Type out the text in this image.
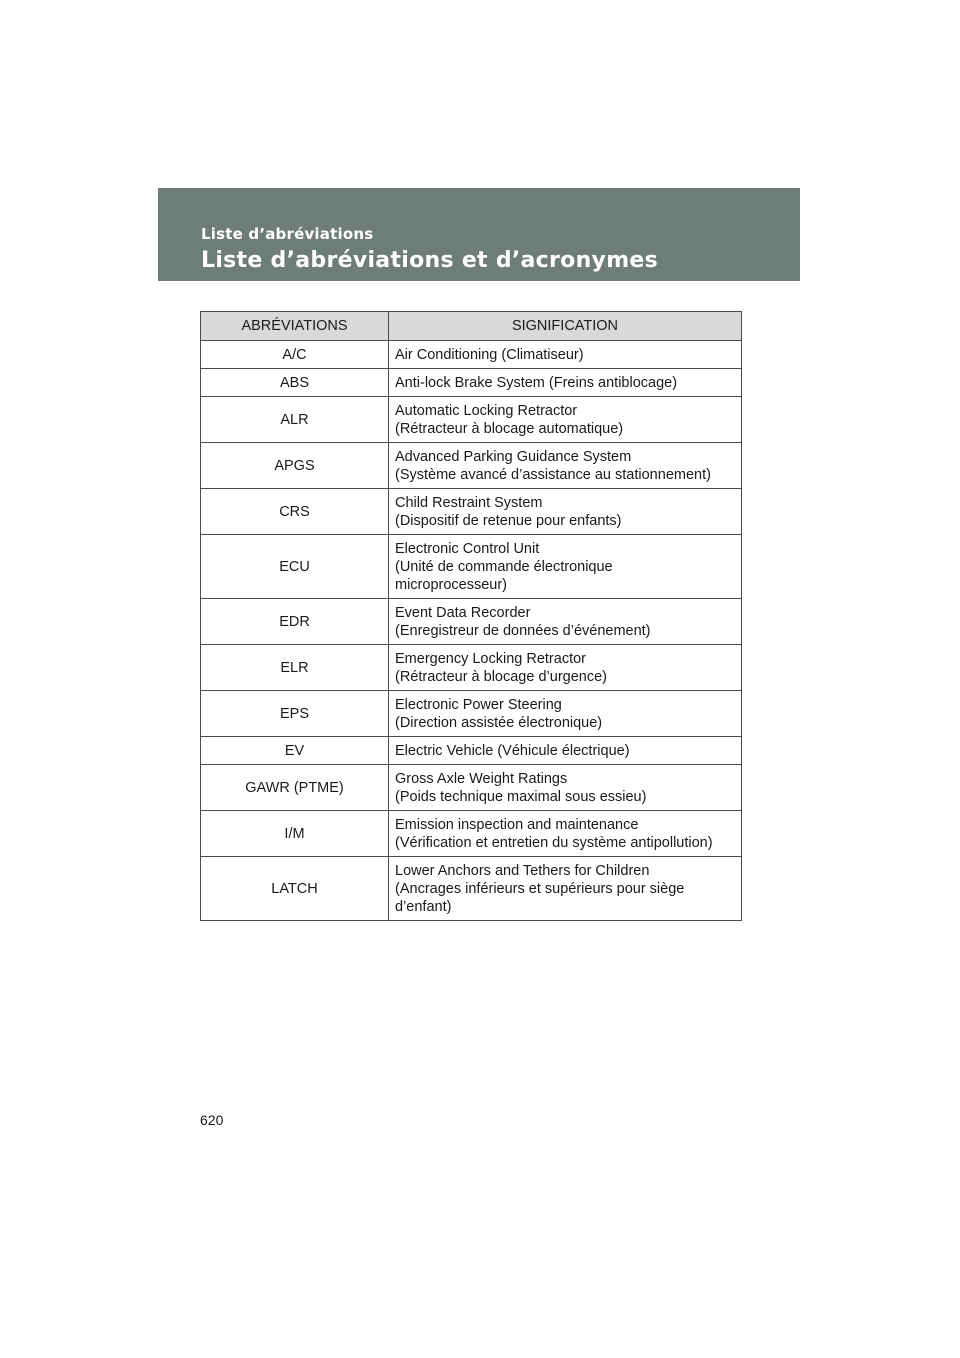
Liste d’abréviations
Liste d’abréviations et d’acronymes
ABRÉVIATIONS	SIGNIFICATION
A/C	Air Conditioning (Climatiseur)

ABS	Anti-lock Brake System (Freins antiblocage)

ALR	Automatic Locking Retractor
(Rétracteur à blocage automatique)

APGS	Advanced Parking Guidance System
(Système avancé d’assistance au stationnement)

CRS	Child Restraint System
(Dispositif de retenue pour enfants)

ECU	Electronic Control Unit
(Unité de commande électronique
microprocesseur)

EDR	Event Data Recorder
(Enregistreur de données d’événement)

ELR	Emergency Locking Retractor
(Rétracteur à blocage d’urgence)

EPS	Electronic Power Steering
(Direction assistée électronique)

EV	Electric Vehicle (Véhicule électrique)

GAWR (PTME)	Gross Axle Weight Ratings
(Poids technique maximal sous essieu)

I/M	Emission inspection and maintenance
(Vérification et entretien du système antipollution)

LATCH	Lower Anchors and Tethers for Children
(Ancrages inférieurs et supérieurs pour siège
d’enfant)
620
